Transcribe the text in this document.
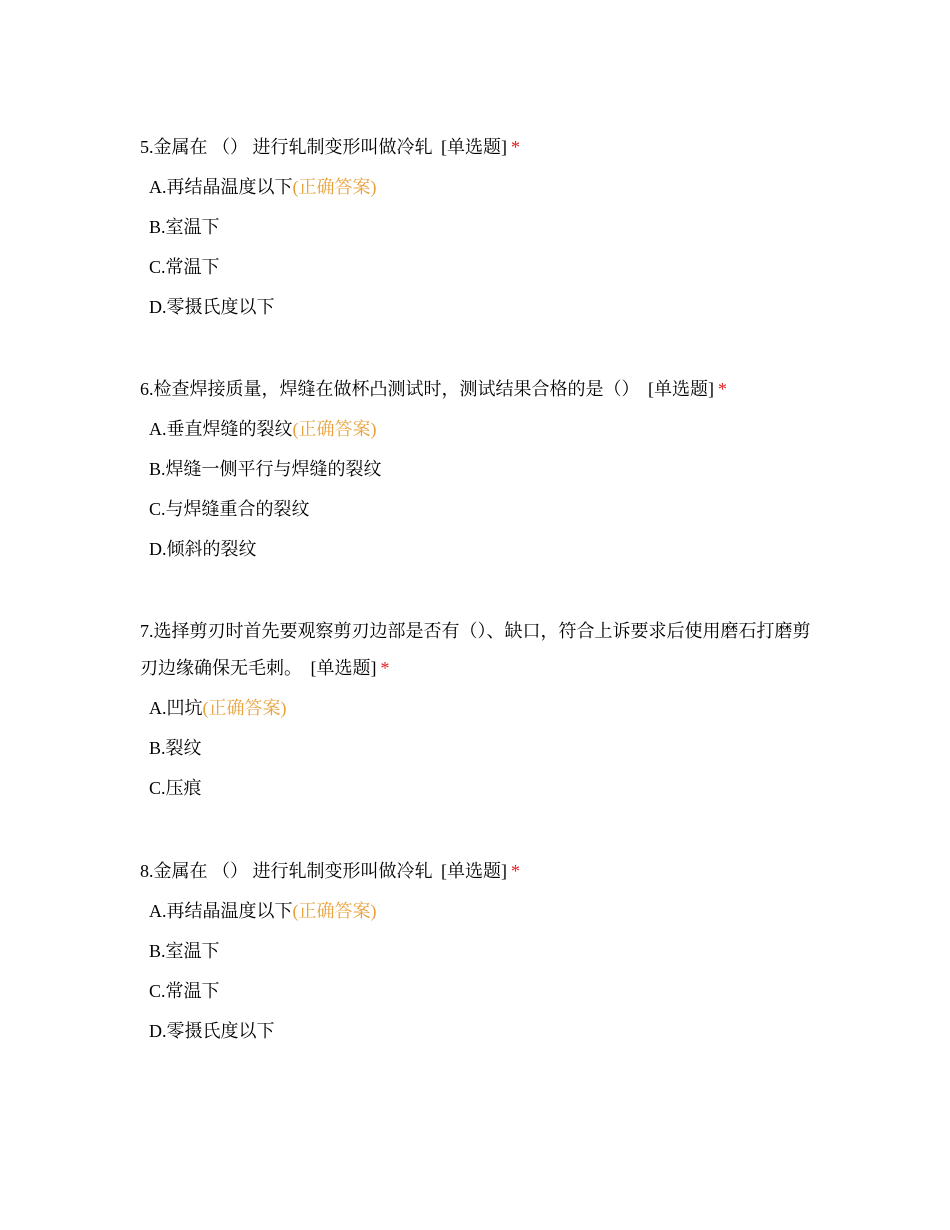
5.金属在 （） 进行轧制变形叫做冷轧 [单选题] *

A.再结晶温度以下(正确答案)
B.室温下
C.常温下
D.零摄氏度以下

6.检查焊接质量，焊缝在做杯凸测试时，测试结果合格的是（） [单选题] *

A.垂直焊缝的裂纹(正确答案)
B.焊缝一侧平行与焊缝的裂纹
C.与焊缝重合的裂纹
D.倾斜的裂纹

7.选择剪刃时首先要观察剪刃边部是否有（）、缺口，符合上诉要求后使用磨石打磨剪刃边缘确保无毛刺。 [单选题] *

A.凹坑(正确答案)
B.裂纹
C.压痕

8.金属在 （） 进行轧制变形叫做冷轧 [单选题] *

A.再结晶温度以下(正确答案)
B.室温下
C.常温下
D.零摄氏度以下
